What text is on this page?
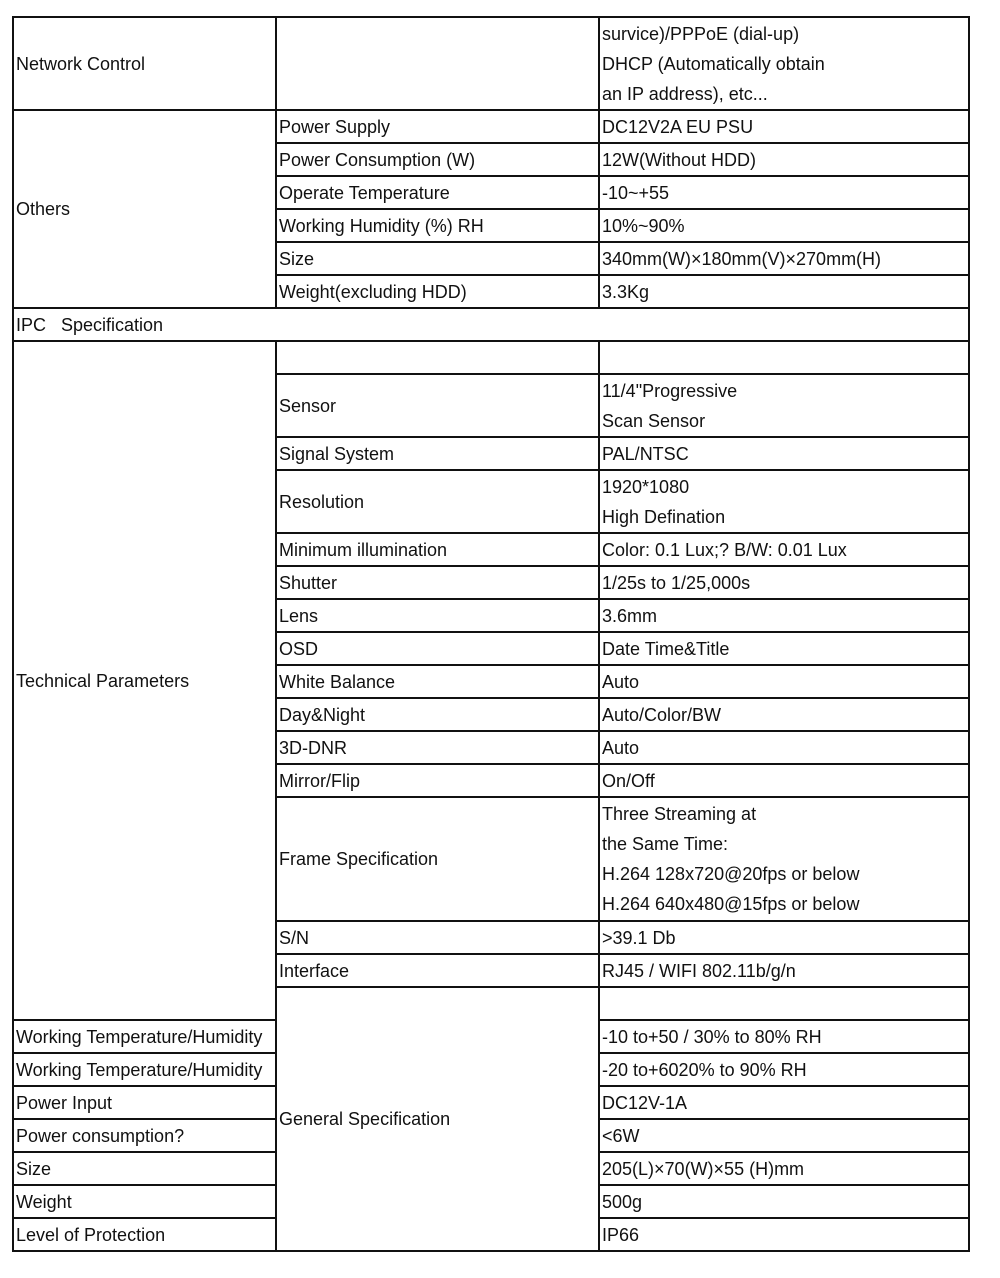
Network Control		survice)/PPPoE (dial-up)
DHCP (Automatically obtain
an IP address), etc...	

Others	Power Supply	DC12V2A EU PSU	
	Power Consumption (W)	12W(Without HDD)	
	Operate Temperature	-10~+55	
	Working Humidity (%) RH	10%~90%	
	Size	340mm(W)×180mm(V)×270mm(H)	
	Weight(excluding HDD)	3.3Kg	
IPC   Specification			
Technical Parameters			
	Sensor	11/4"Progressive
Scan Sensor	

	Signal System	PAL/NTSC	
	Resolution	1920*1080
High Defination	

	Minimum illumination	Color: 0.1 Lux;? B/W: 0.01 Lux	
	Shutter	1/25s to 1/25,000s	
	Lens	3.6mm	
	OSD	Date Time&Title	
	White Balance	Auto	
	Day&Night	Auto/Color/BW	
	3D-DNR	Auto	
	Mirror/Flip	On/Off	
	Frame Specification	Three Streaming at
the Same Time:
H.264 128x720@20fps or below
H.264 640x480@15fps or below	

	S/N	>39.1 Db	
	Interface	RJ45 / WIFI 802.11b/g/n	
	General Specification		
Working Temperature/Humidity		-10 to+50 / 30% to 80% RH	
Working Temperature/Humidity		-20 to+6020% to 90% RH	
Power Input		DC12V-1A	
Power consumption?		<6W	
Size		205(L)×70(W)×55 (H)mm	
Weight		500g	
Level of Protection		IP66	
